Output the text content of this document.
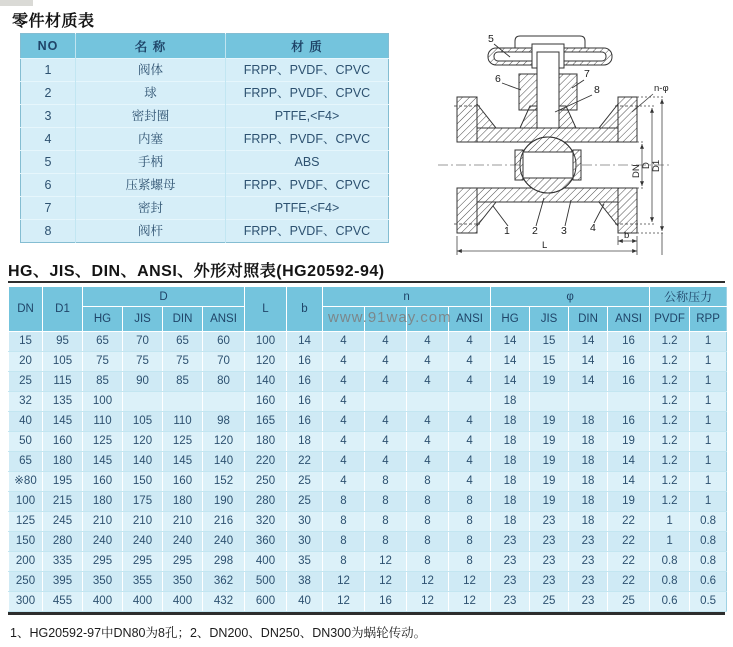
零件材质表
NO	名 称	材 质
1	阀体	FRPP、PVDF、CPVC
2	球	FRPP、PVDF、CPVC
3	密封圈	PTFE,<F4>
4	内塞	FRPP、PVDF、CPVC
5	手柄	ABS
6	压紧螺母	FRPP、PVDF、CPVC
7	密封	PTFE,<F4>
8	阀杆	FRPP、PVDF、CPVC
n-φ
DN D D1
L
b
5
6	7
8
1 2 3 4
HG、JIS、DIN、ANSI、外形对照表(HG20592-94)
DN	D1	D				L	b	n				φ				公称压力	
		HG	JIS	DIN	ANSI						ANSI	HG	JIS	DIN	ANSI	PVDF	RPP
15	95	65	70	65	60	100	14	4	4	4	4	14	15	14	16	1.2	1
20	105	75	75	75	70	120	16	4	4	4	4	14	15	14	16	1.2	1
25	115	85	90	85	80	140	16	4	4	4	4	14	19	14	16	1.2	1
32	135	100				160	16	4				18				1.2	1
40	145	110	105	110	98	165	16	4	4	4	4	18	19	18	16	1.2	1
50	160	125	120	125	120	180	18	4	4	4	4	18	19	18	19	1.2	1
65	180	145	140	145	140	220	22	4	4	4	4	18	19	18	14	1.2	1
※80	195	160	150	160	152	250	25	4	8	8	4	18	19	18	14	1.2	1
100	215	180	175	180	190	280	25	8	8	8	8	18	19	18	19	1.2	1
125	245	210	210	210	216	320	30	8	8	8	8	18	23	18	22	1	0.8
150	280	240	240	240	240	360	30	8	8	8	8	23	23	23	22	1	0.8
200	335	295	295	295	298	400	35	8	12	8	8	23	23	23	22	0.8	0.8
250	395	350	355	350	362	500	38	12	12	12	12	23	23	23	22	0.8	0.6
300	455	400	400	400	432	600	40	12	16	12	12	23	25	23	25	0.6	0.5
www.91way.com
1、HG20592-97中DN80为8孔；2、DN200、DN250、DN300为蜗轮传动。
